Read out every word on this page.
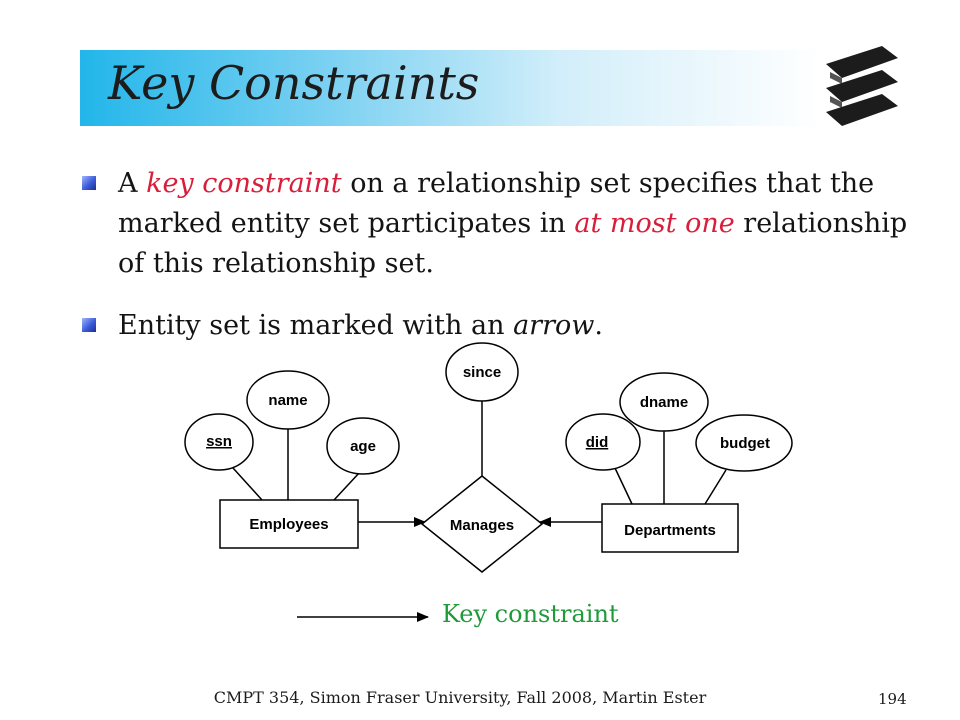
Key Constraints
A key constraint on a relationship set specifies that the marked entity set participates in at most one relationship of this relationship set.
Entity set is marked with an arrow.
since
name
ssn	age
dname
did	budget
Employees	Departments
Manages
Key constraint
CMPT 354, Simon Fraser University, Fall 2008, Martin Ester	194
